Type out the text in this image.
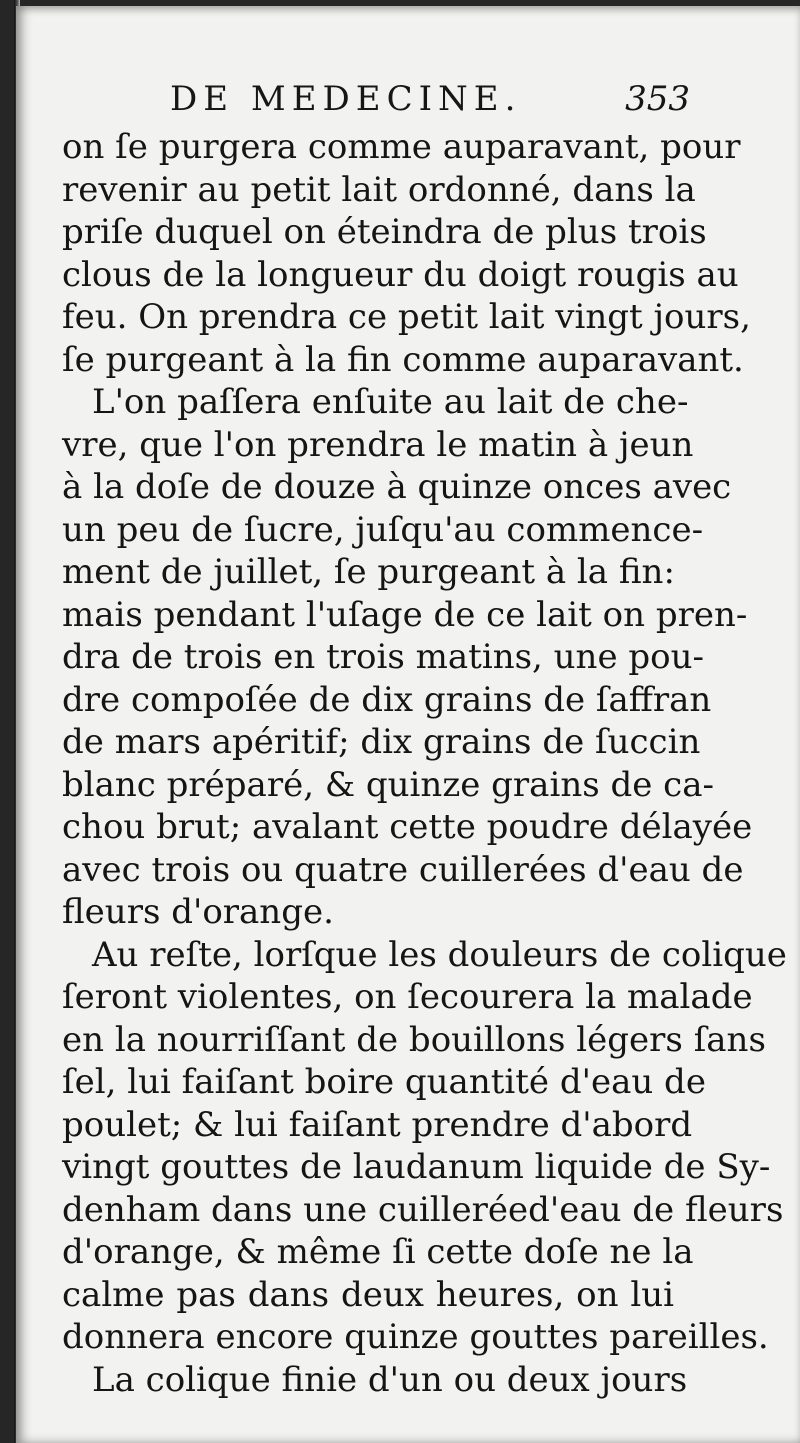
DE MEDECINE.	353
on ſe purgera comme auparavant, pour
revenir au petit lait ordonné, dans la
priſe duquel on éteindra de plus trois
clous de la longueur du doigt rougis au
feu. On prendra ce petit lait vingt jours,
ſe purgeant à la fin comme auparavant.
L'on paſſera enſuite au lait de che-
vre, que l'on prendra le matin à jeun
à la doſe de douze à quinze onces avec
un peu de ſucre, juſqu'au commence-
ment de juillet, ſe purgeant à la fin:
mais pendant l'uſage de ce lait on pren-
dra de trois en trois matins, une pou-
dre compoſée de dix grains de ſaffran
de mars apéritif; dix grains de ſuccin
blanc préparé, & quinze grains de ca-
chou brut; avalant cette poudre délayée
avec trois ou quatre cuillerées d'eau de
fleurs d'orange.
Au reſte, lorſque les douleurs de colique
ſeront violentes, on ſecourera la malade
en la nourriſſant de bouillons légers ſans
ſel, lui faiſant boire quantité d'eau de
poulet; & lui faiſant prendre d'abord
vingt gouttes de laudanum liquide de Sy-
denham dans une cuilleréed'eau de fleurs
d'orange, & même ſi cette doſe ne la
calme pas dans deux heures, on lui
donnera encore quinze gouttes pareilles.
La colique finie d'un ou deux jours
